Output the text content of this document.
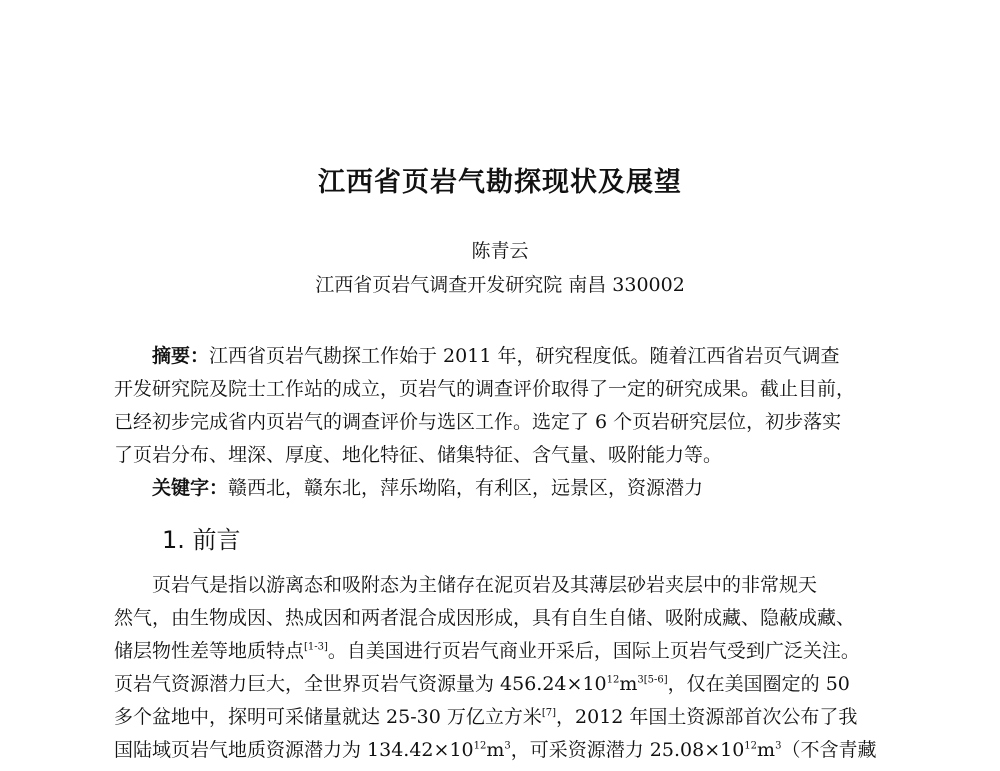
江西省页岩气勘探现状及展望
陈青云
江西省页岩气调查开发研究院 南昌 330002
摘要：江西省页岩气勘探工作始于 2011 年，研究程度低。随着江西省岩页气调查
开发研究院及院士工作站的成立，页岩气的调查评价取得了一定的研究成果。截止目前，
已经初步完成省内页岩气的调查评价与选区工作。选定了 6 个页岩研究层位，初步落实
了页岩分布、埋深、厚度、地化特征、储集特征、含气量、吸附能力等。
关键字：赣西北，赣东北，萍乐坳陷，有利区，远景区，资源潜力
1. 前言
页岩气是指以游离态和吸附态为主储存在泥页岩及其薄层砂岩夹层中的非常规天
然气，由生物成因、热成因和两者混合成因形成，具有自生自储、吸附成藏、隐蔽成藏、
储层物性差等地质特点[1-3]。自美国进行页岩气商业开采后，国际上页岩气受到广泛关注。
页岩气资源潜力巨大，全世界页岩气资源量为 $456.24\times 10^{12}m^{3[5-6]}$，仅在美国圈定的 50
多个盆地中，探明可采储量就达 25-30 万亿立方米[7]，2012 年国土资源部首次公布了我
国陆域页岩气地质资源潜力为 $134.42\times 10^{12}m^3$，可采资源潜力 $25.08\times 10^{12}m^3$（不含青藏
